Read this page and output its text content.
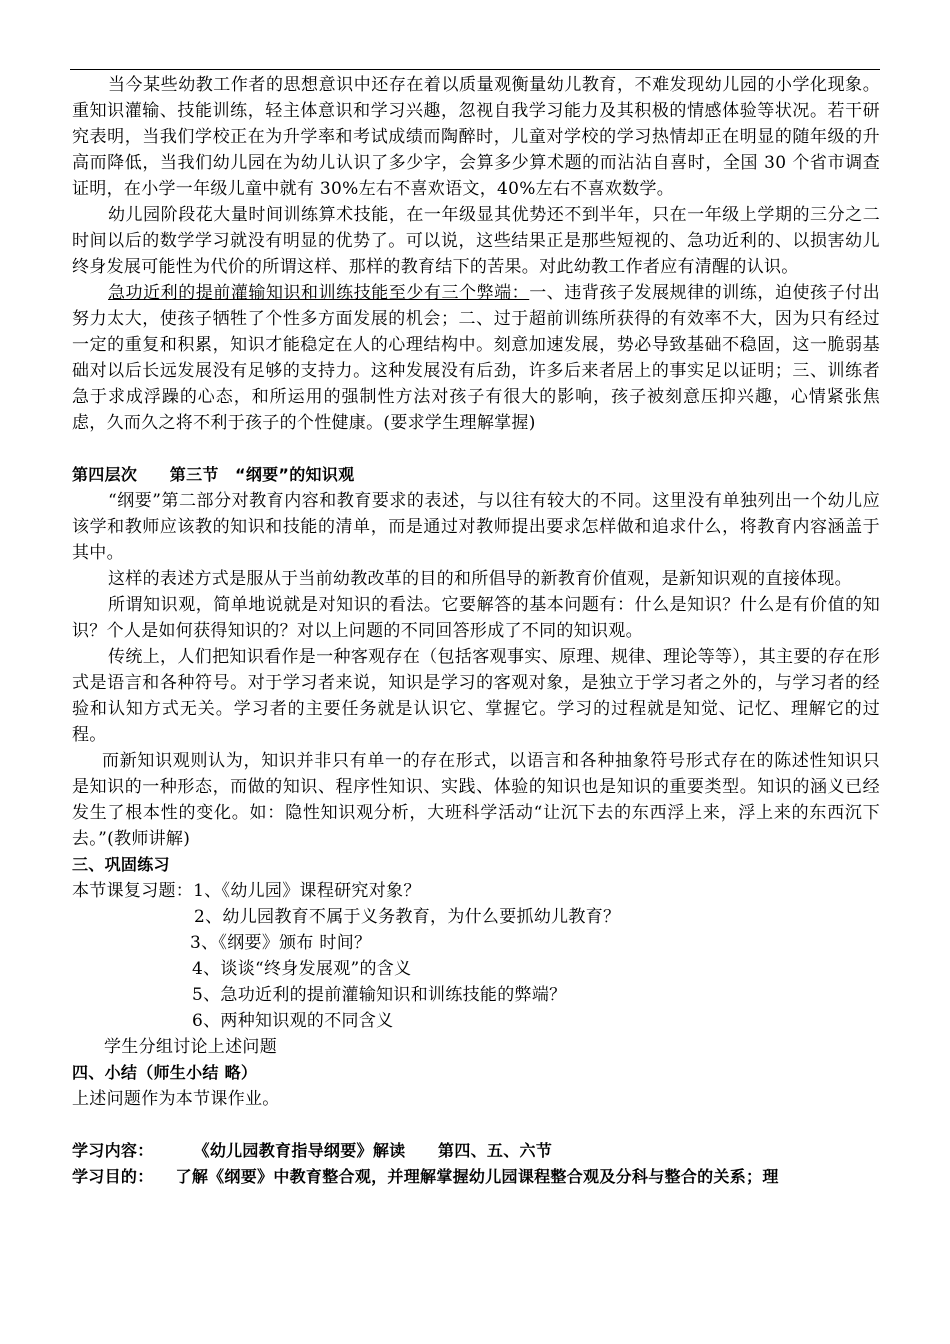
当今某些幼教工作者的思想意识中还存在着以质量观衡量幼儿教育，不难发现幼儿园的小学化现象。重知识灌输、技能训练，轻主体意识和学习兴趣，忽视自我学习能力及其积极的情感体验等状况。若干研究表明，当我们学校正在为升学率和考试成绩而陶醉时，儿童对学校的学习热情却正在明显的随年级的升高而降低，当我们幼儿园在为幼儿认识了多少字，会算多少算术题的而沾沾自喜时，全国 30 个省市调查证明，在小学一年级儿童中就有 30%左右不喜欢语文，40%左右不喜欢数学。

幼儿园阶段花大量时间训练算术技能，在一年级显其优势还不到半年，只在一年级上学期的三分之二时间以后的数学学习就没有明显的优势了。可以说，这些结果正是那些短视的、急功近利的、以损害幼儿终身发展可能性为代价的所谓这样、那样的教育结下的苦果。对此幼教工作者应有清醒的认识。

急功近利的提前灌输知识和训练技能至少有三个弊端：一、违背孩子发展规律的训练，迫使孩子付出努力太大，使孩子牺牲了个性多方面发展的机会；二、过于超前训练所获得的有效率不大，因为只有经过一定的重复和积累，知识才能稳定在人的心理结构中。刻意加速发展，势必导致基础不稳固，这一脆弱基础对以后长远发展没有足够的支持力。这种发展没有后劲，许多后来者居上的事实足以证明；三、训练者急于求成浮躁的心态，和所运用的强制性方法对孩子有很大的影响，孩子被刻意压抑兴趣，心情紧张焦虑，久而久之将不利于孩子的个性健康。(要求学生理解掌握)

第四层次　　第三节　“纲要”的知识观

“纲要”第二部分对教育内容和教育要求的表述，与以往有较大的不同。这里没有单独列出一个幼儿应该学和教师应该教的知识和技能的清单，而是通过对教师提出要求怎样做和追求什么，将教育内容涵盖于其中。

这样的表述方式是服从于当前幼教改革的目的和所倡导的新教育价值观，是新知识观的直接体现。

所谓知识观，简单地说就是对知识的看法。它要解答的基本问题有：什么是知识？什么是有价值的知识？个人是如何获得知识的？对以上问题的不同回答形成了不同的知识观。

传统上，人们把知识看作是一种客观存在（包括客观事实、原理、规律、理论等等），其主要的存在形式是语言和各种符号。对于学习者来说，知识是学习的客观对象，是独立于学习者之外的，与学习者的经验和认知方式无关。学习者的主要任务就是认识它、掌握它。学习的过程就是知觉、记忆、理解它的过程。

而新知识观则认为，知识并非只有单一的存在形式，以语言和各种抽象符号形式存在的陈述性知识只是知识的一种形态，而做的知识、程序性知识、实践、体验的知识也是知识的重要类型。知识的涵义已经发生了根本性的变化。如：隐性知识观分析，大班科学活动“让沉下去的东西浮上来，浮上来的东西沉下去。”(教师讲解)

三、巩固练习

本节课复习题：1、《幼儿园》课程研究对象？

2、幼儿园教育不属于义务教育，为什么要抓幼儿教育？

3、《纲要》颁布 时间？

4、谈谈“终身发展观”的含义

5、急功近利的提前灌输知识和训练技能的弊端？

6、两种知识观的不同含义

学生分组讨论上述问题

四、小结（师生小结 略）

上述问题作为本节课作业。

学习内容：	《幼儿园教育指导纲要》解读　　第四、五、六节

学习目的： 了解《纲要》中教育整合观，并理解掌握幼儿园课程整合观及分科与整合的关系；理
